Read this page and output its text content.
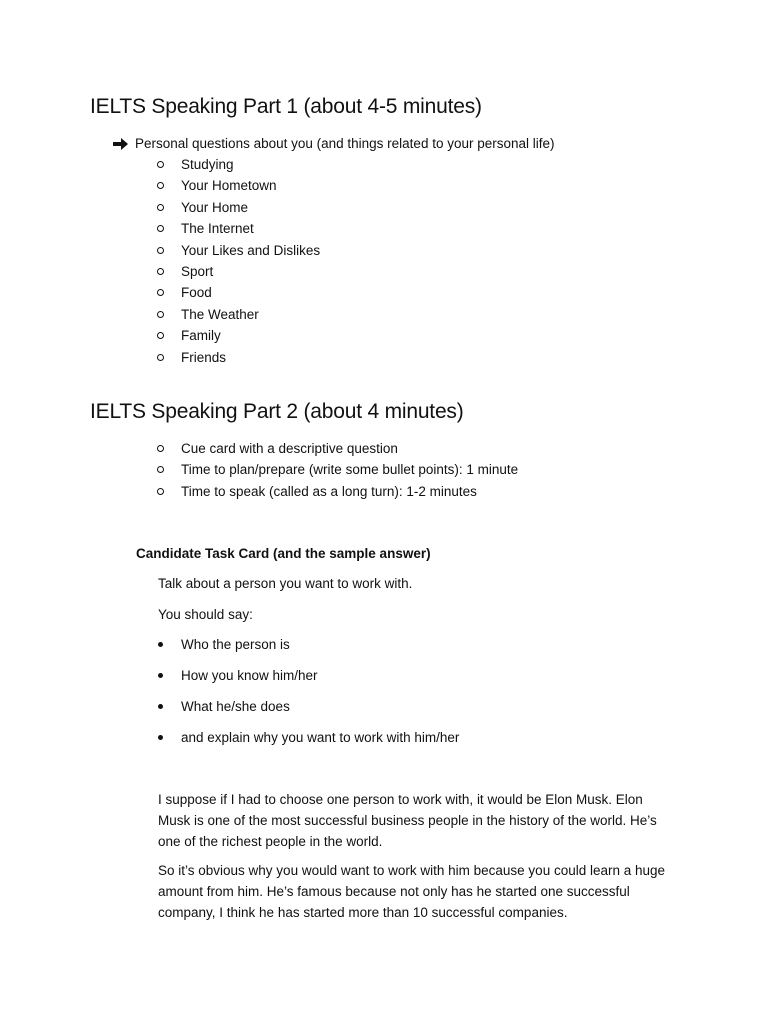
IELTS Speaking Part 1 (about 4-5 minutes)
Personal questions about you (and things related to your personal life)
Studying
Your Hometown
Your Home
The Internet
Your Likes and Dislikes
Sport
Food
The Weather
Family
Friends
IELTS Speaking Part 2 (about 4 minutes)
Cue card with a descriptive question
Time to plan/prepare (write some bullet points): 1 minute
Time to speak (called as a long turn): 1-2 minutes
Candidate Task Card (and the sample answer)
Talk about a person you want to work with.
You should say:
Who the person is
How you know him/her
What he/she does
and explain why you want to work with him/her

I suppose if I had to choose one person to work with, it would be Elon Musk. Elon Musk is one of the most successful business people in the history of the world. He’s one of the richest people in the world.

So it’s obvious why you would want to work with him because you could learn a huge amount from him. He’s famous because not only has he started one successful company, I think he has started more than 10 successful companies.
